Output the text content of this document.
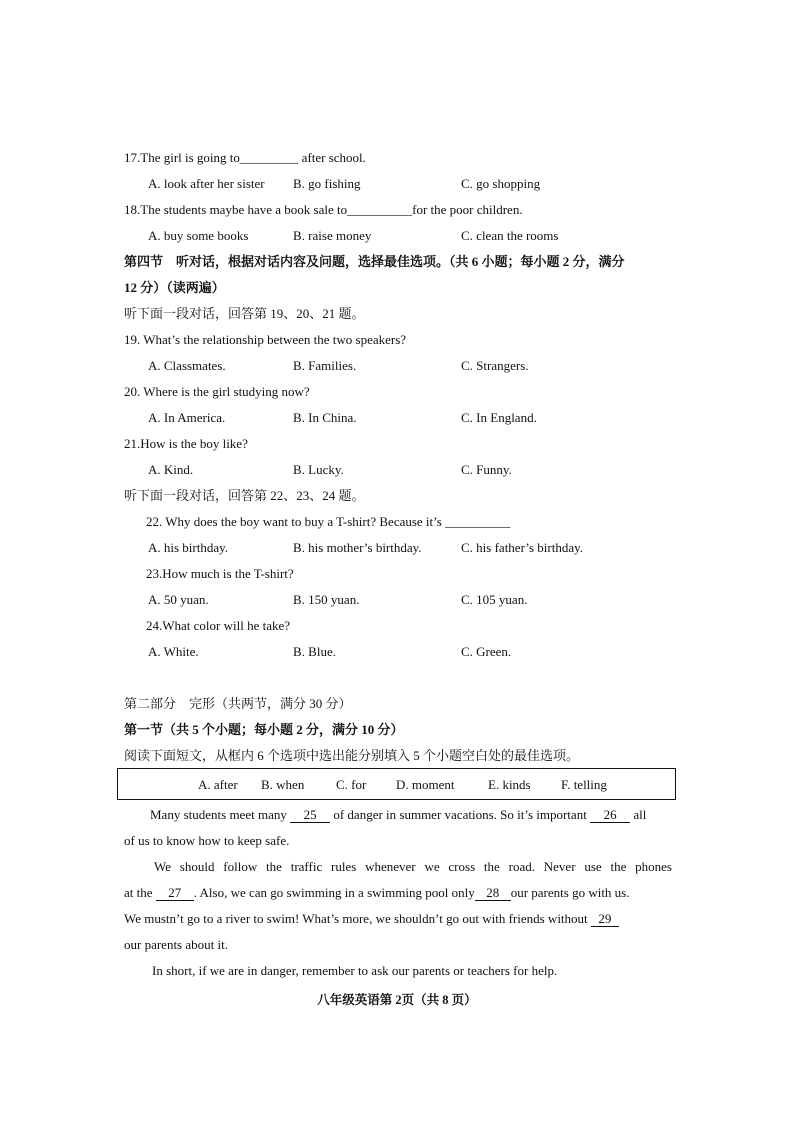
17.The girl is going to_________ after school.
A. look after her sister B. go fishing	C. go shopping
18.The students maybe have a book sale to__________for the poor children.
A. buy some books	B. raise money	C. clean the rooms
第四节　听对话，根据对话内容及问题，选择最佳选项。（共 6 小题；每小题 2 分，满分
12 分）（读两遍）
听下面一段对话，回答第 19、20、21 题。
19. What’s the relationship between the two speakers?
A. Classmates.	B. Families.	C. Strangers.
20. Where is the girl studying now?
A. In America.	B. In China.	C. In England.
21.How is the boy like?
A. Kind.	B. Lucky.	C. Funny.
听下面一段对话，回答第 22、23、24 题。
22. Why does the boy want to buy a T-shirt? Because it’s __________
A. his birthday.	B. his mother’s birthday.	C. his father’s birthday.
23.How much is the T-shirt?
A. 50 yuan.	B. 150 yuan.	C. 105 yuan.
24.What color will he take?
A. White.	B. Blue.	C. Green.
第二部分　完形（共两节，满分 30 分）
第一节（共 5 个小题；每小题 2 分，满分 10 分）
阅读下面短文，从框内 6 个选项中选出能分别填入 5 个小题空白处的最佳选项。
A. after B. when C. for D. moment	E. kinds F. telling
Many students meet many 25 of danger in summer vacations. So it’s important 26 all
of us to know how to keep safe.
We should follow the traffic rules whenever we cross the road. Never use the phones
at the 27 . Also, we can go swimming in a swimming pool only 28 our parents go with us.
We mustn’t go to a river to swim! What’s more, we shouldn’t go out with friends without 29
our parents about it.
In short, if we are in danger, remember to ask our parents or teachers for help.
八年级英语第 2页（共 8 页）
